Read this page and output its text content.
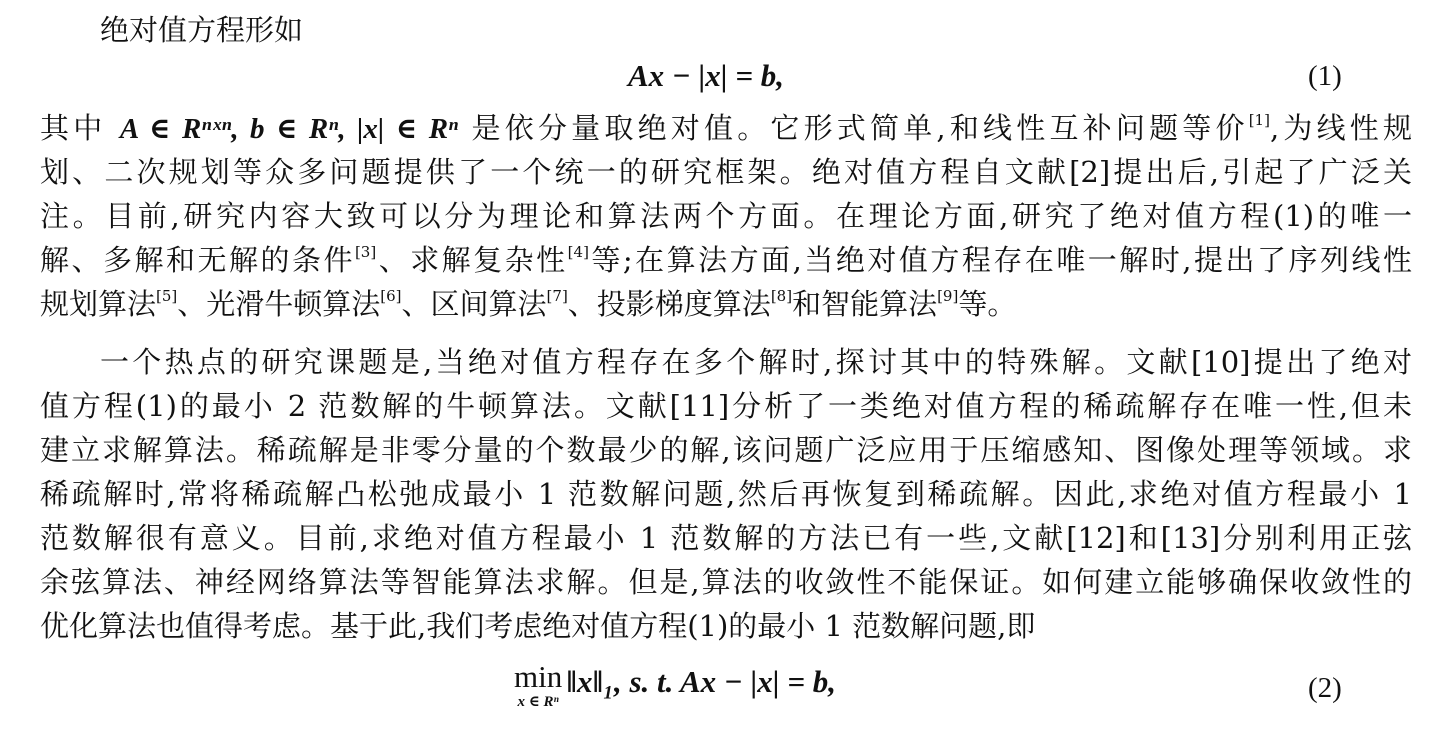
绝对值方程形如
Ax − |x| = b,	(1)
其中 A ∈ Rⁿˣⁿ, b ∈ Rⁿ, |x| ∈ Rⁿ 是依分量取绝对值。它形式简单,和线性互补问题等价[1],为线性规
划、二次规划等众多问题提供了一个统一的研究框架。绝对值方程自文献[2]提出后,引起了广泛关
注。目前,研究内容大致可以分为理论和算法两个方面。在理论方面,研究了绝对值方程(1)的唯一
解、多解和无解的条件[3]、求解复杂性[4]等;在算法方面,当绝对值方程存在唯一解时,提出了序列线性
规划算法[5]、光滑牛顿算法[6]、区间算法[7]、投影梯度算法[8]和智能算法[9]等。
一个热点的研究课题是,当绝对值方程存在多个解时,探讨其中的特殊解。文献[10]提出了绝对
值方程(1)的最小 2 范数解的牛顿算法。文献[11]分析了一类绝对值方程的稀疏解存在唯一性,但未
建立求解算法。稀疏解是非零分量的个数最少的解,该问题广泛应用于压缩感知、图像处理等领域。求
稀疏解时,常将稀疏解凸松弛成最小 1 范数解问题,然后再恢复到稀疏解。因此,求绝对值方程最小 1
范数解很有意义。目前,求绝对值方程最小 1 范数解的方法已有一些,文献[12]和[13]分别利用正弦
余弦算法、神经网络算法等智能算法求解。但是,算法的收敛性不能保证。如何建立能够确保收敛性的
优化算法也值得考虑。基于此,我们考虑绝对值方程(1)的最小 1 范数解问题,即
min
x ∈ Rⁿ
‖x‖₁, s. t. Ax − |x| = b,	(2)
